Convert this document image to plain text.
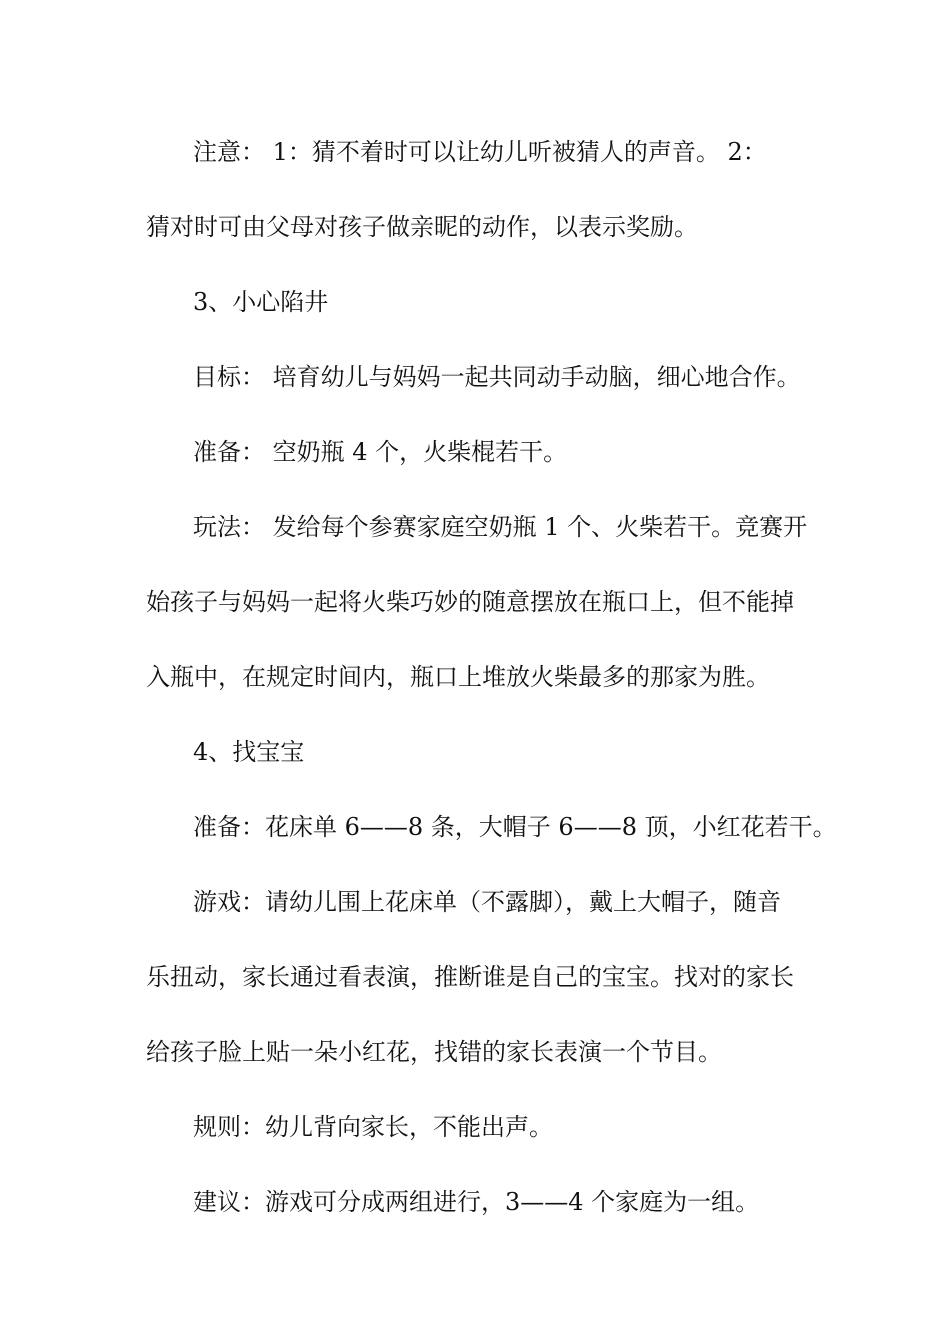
注意： 1：猜不着时可以让幼儿听被猜人的声音。 2：
猜对时可由父母对孩子做亲昵的动作，以表示奖励。
3、小心陷井
目标： 培育幼儿与妈妈一起共同动手动脑，细心地合作。
准备： 空奶瓶 4 个，火柴棍若干。
玩法： 发给每个参赛家庭空奶瓶 1 个、火柴若干。竞赛开
始孩子与妈妈一起将火柴巧妙的随意摆放在瓶口上，但不能掉
入瓶中，在规定时间内，瓶口上堆放火柴最多的那家为胜。
4、找宝宝
准备：花床单 6——8 条，大帽子 6——8 顶，小红花若干。
游戏：请幼儿围上花床单（不露脚），戴上大帽子，随音
乐扭动，家长通过看表演，推断谁是自己的宝宝。找对的家长
给孩子脸上贴一朵小红花，找错的家长表演一个节目。
规则：幼儿背向家长，不能出声。
建议：游戏可分成两组进行，3——4 个家庭为一组。
